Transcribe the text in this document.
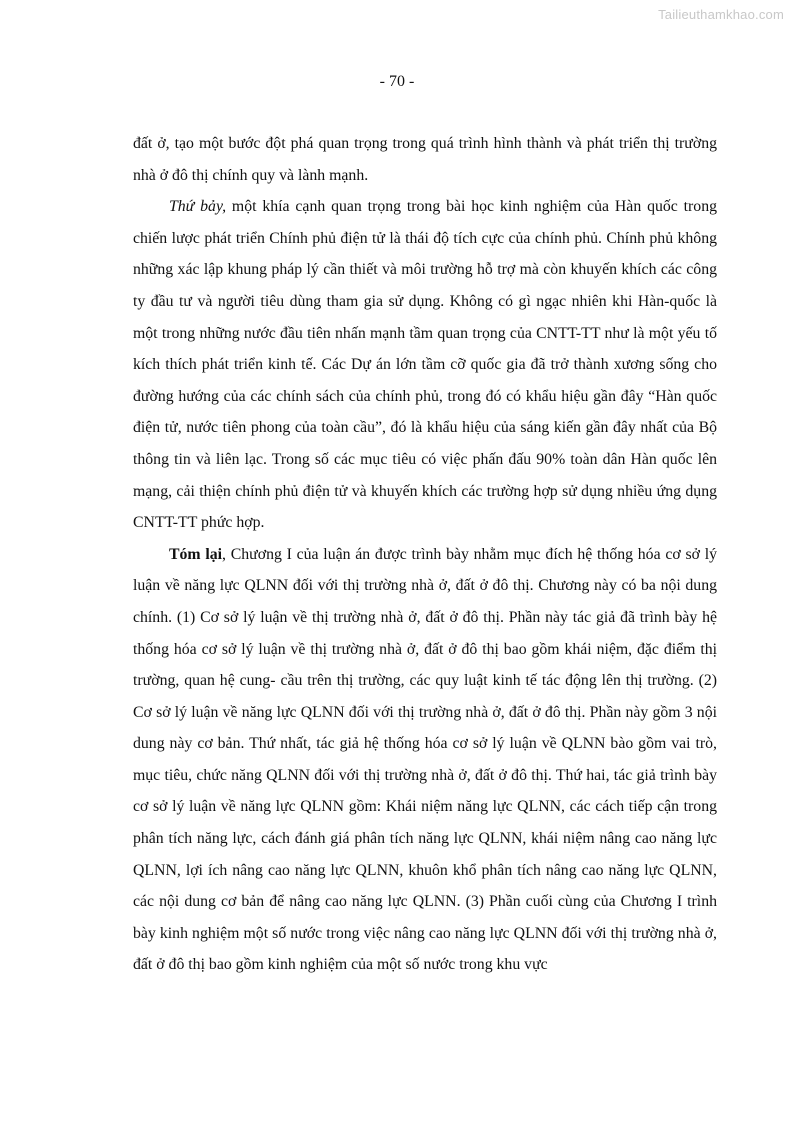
Tailieuthamkhao.com
- 70 -

đất ở, tạo một bước đột phá quan trọng trong quá trình hình thành và phát triển thị trường nhà ở đô thị chính quy và lành mạnh.

Thứ bảy, một khía cạnh quan trọng trong bài học kinh nghiệm của Hàn quốc trong chiến lược phát triển Chính phủ điện tử là thái độ tích cực của chính phủ. Chính phủ không những xác lập khung pháp lý cần thiết và môi trường hỗ trợ mà còn khuyến khích các công ty đầu tư và người tiêu dùng tham gia sử dụng. Không có gì ngạc nhiên khi Hàn-quốc là một trong những nước đầu tiên nhấn mạnh tầm quan trọng của CNTT-TT như là một yếu tố kích thích phát triển kinh tế. Các Dự án lớn tầm cỡ quốc gia đã trở thành xương sống cho đường hướng của các chính sách của chính phủ, trong đó có khẩu hiệu gần đây “Hàn quốc điện tử, nước tiên phong của toàn cầu”, đó là khẩu hiệu của sáng kiến gần đây nhất của Bộ thông tin và liên lạc. Trong số các mục tiêu có việc phấn đấu 90% toàn dân Hàn quốc lên mạng, cải thiện chính phủ điện tử và khuyến khích các trường hợp sử dụng nhiều ứng dụng CNTT-TT phức hợp.

Tóm lại, Chương I của luận án được trình bày nhằm mục đích hệ thống hóa cơ sở lý luận về năng lực QLNN đối với thị trường nhà ở, đất ở đô thị. Chương này có ba nội dung chính. (1) Cơ sở lý luận về thị trường nhà ở, đất ở đô thị. Phần này tác giả đã trình bày hệ thống hóa cơ sở lý luận về thị trường nhà ở, đất ở đô thị bao gồm khái niệm, đặc điểm thị trường, quan hệ cung- cầu trên thị trường, các quy luật kinh tế tác động lên thị trường. (2) Cơ sở lý luận về năng lực QLNN đối với thị trường nhà ở, đất ở đô thị. Phần này gồm 3 nội dung này cơ bản. Thứ nhất, tác giả hệ thống hóa cơ sở lý luận về QLNN bào gồm vai trò, mục tiêu, chức năng QLNN đối với thị trường nhà ở, đất ở đô thị. Thứ hai, tác giả trình bày cơ sở lý luận về năng lực QLNN gồm: Khái niệm năng lực QLNN, các cách tiếp cận trong phân tích năng lực, cách đánh giá phân tích năng lực QLNN, khái niệm nâng cao năng lực QLNN, lợi ích nâng cao năng lực QLNN, khuôn khổ phân tích nâng cao năng lực QLNN, các nội dung cơ bản để nâng cao năng lực QLNN. (3) Phần cuối cùng của Chương I trình bày kinh nghiệm một số nước trong việc nâng cao năng lực QLNN đối với thị trường nhà ở, đất ở đô thị bao gồm kinh nghiệm của một số nước trong khu vực
